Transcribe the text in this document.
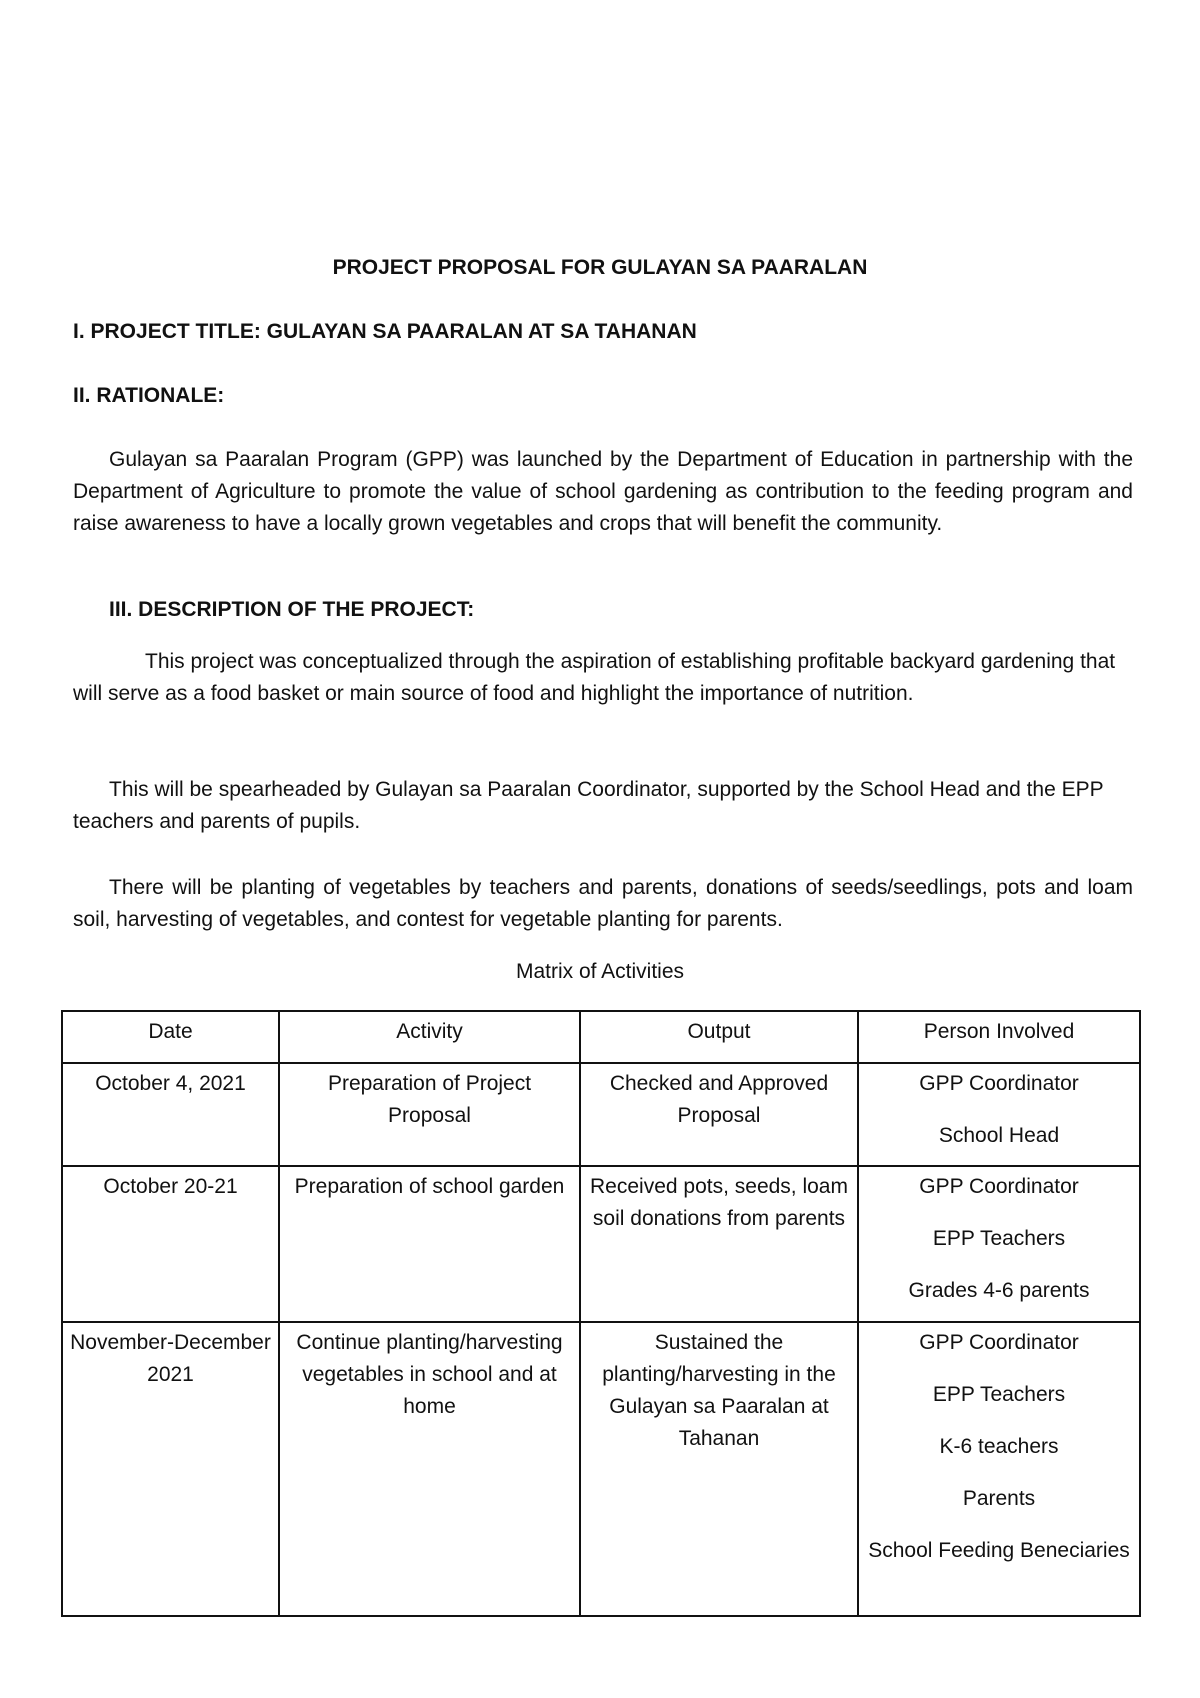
PROJECT PROPOSAL FOR GULAYAN SA PAARALAN

I. PROJECT TITLE: GULAYAN SA PAARALAN AT SA TAHANAN

II. RATIONALE:

Gulayan sa Paaralan Program (GPP) was launched by the Department of Education in partnership with the Department of Agriculture to promote the value of school gardening as contribution to the feeding program and raise awareness to have a locally grown vegetables and crops that will benefit the community.

III. DESCRIPTION OF THE PROJECT:

This project was conceptualized through the aspiration of establishing profitable backyard gardening that will serve as a food basket or main source of food and highlight the importance of nutrition.

This will be spearheaded by Gulayan sa Paaralan Coordinator, supported by the School Head and the EPP teachers and parents of pupils.

There will be planting of vegetables by teachers and parents, donations of seeds/seedlings, pots and loam soil, harvesting of vegetables, and contest for vegetable planting for parents.

Matrix of Activities

Date	Activity	Output	Person Involved
October 4, 2021	Preparation of Project Proposal	Checked and Approved Proposal	GPP Coordinator
School Head

October 20-21	Preparation of school garden	Received pots, seeds, loam soil donations from parents	GPP Coordinator
EPP Teachers
Grades 4-6 parents

November-December 2021	Continue planting/harvesting vegetables in school and at home	Sustained the planting/harvesting in the Gulayan sa Paaralan at Tahanan	GPP Coordinator
EPP Teachers
K-6 teachers
Parents
School Feeding Beneciaries
